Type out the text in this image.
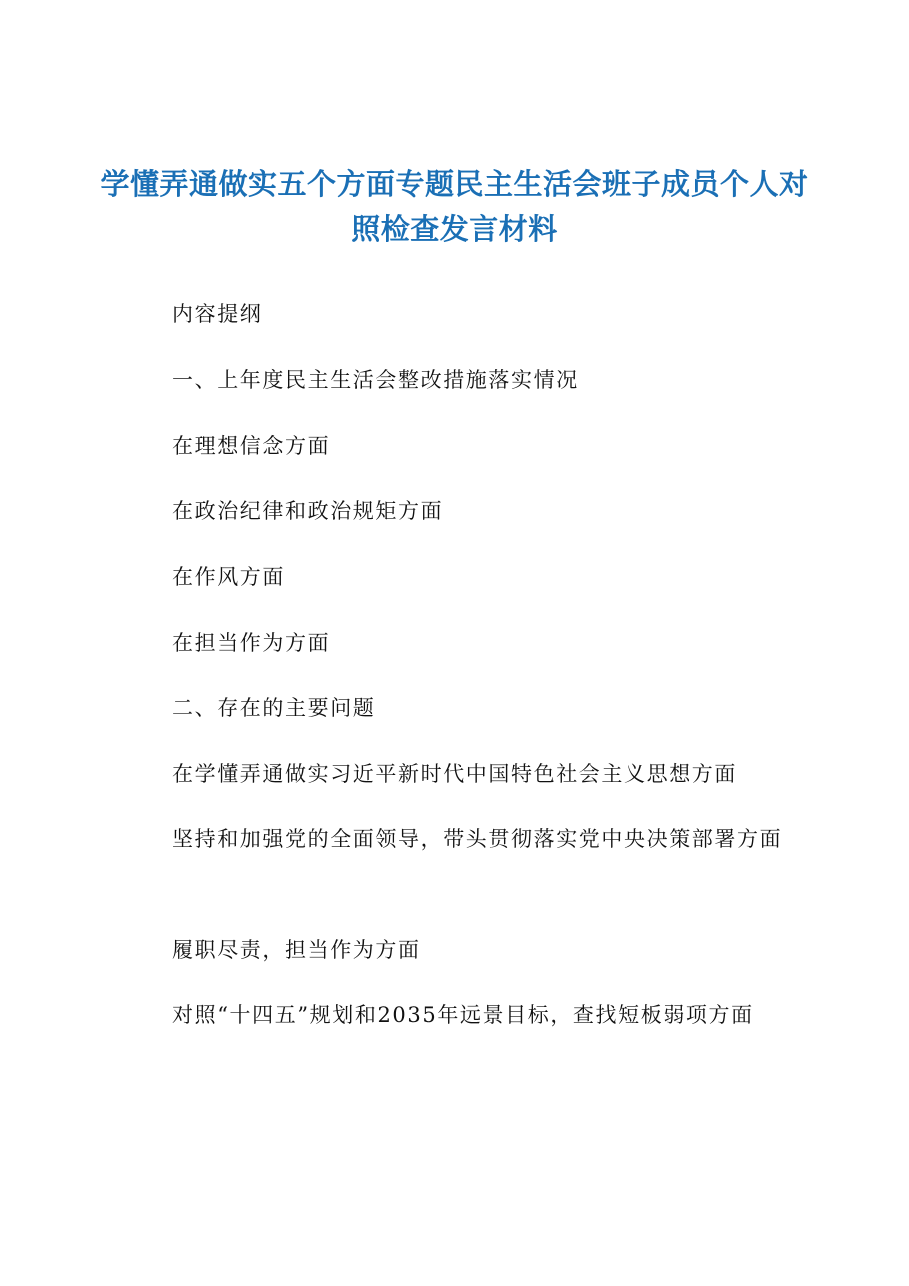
学懂弄通做实五个方面专题民主生活会班子成员个人对照检查发言材料

内容提纲

一、上年度民主生活会整改措施落实情况

在理想信念方面

在政治纪律和政治规矩方面

在作风方面

在担当作为方面

二、存在的主要问题

在学懂弄通做实习近平新时代中国特色社会主义思想方面

坚持和加强党的全面领导，带头贯彻落实党中央决策部署方面

履职尽责，担当作为方面

对照“十四五”规划和2035年远景目标，查找短板弱项方面
